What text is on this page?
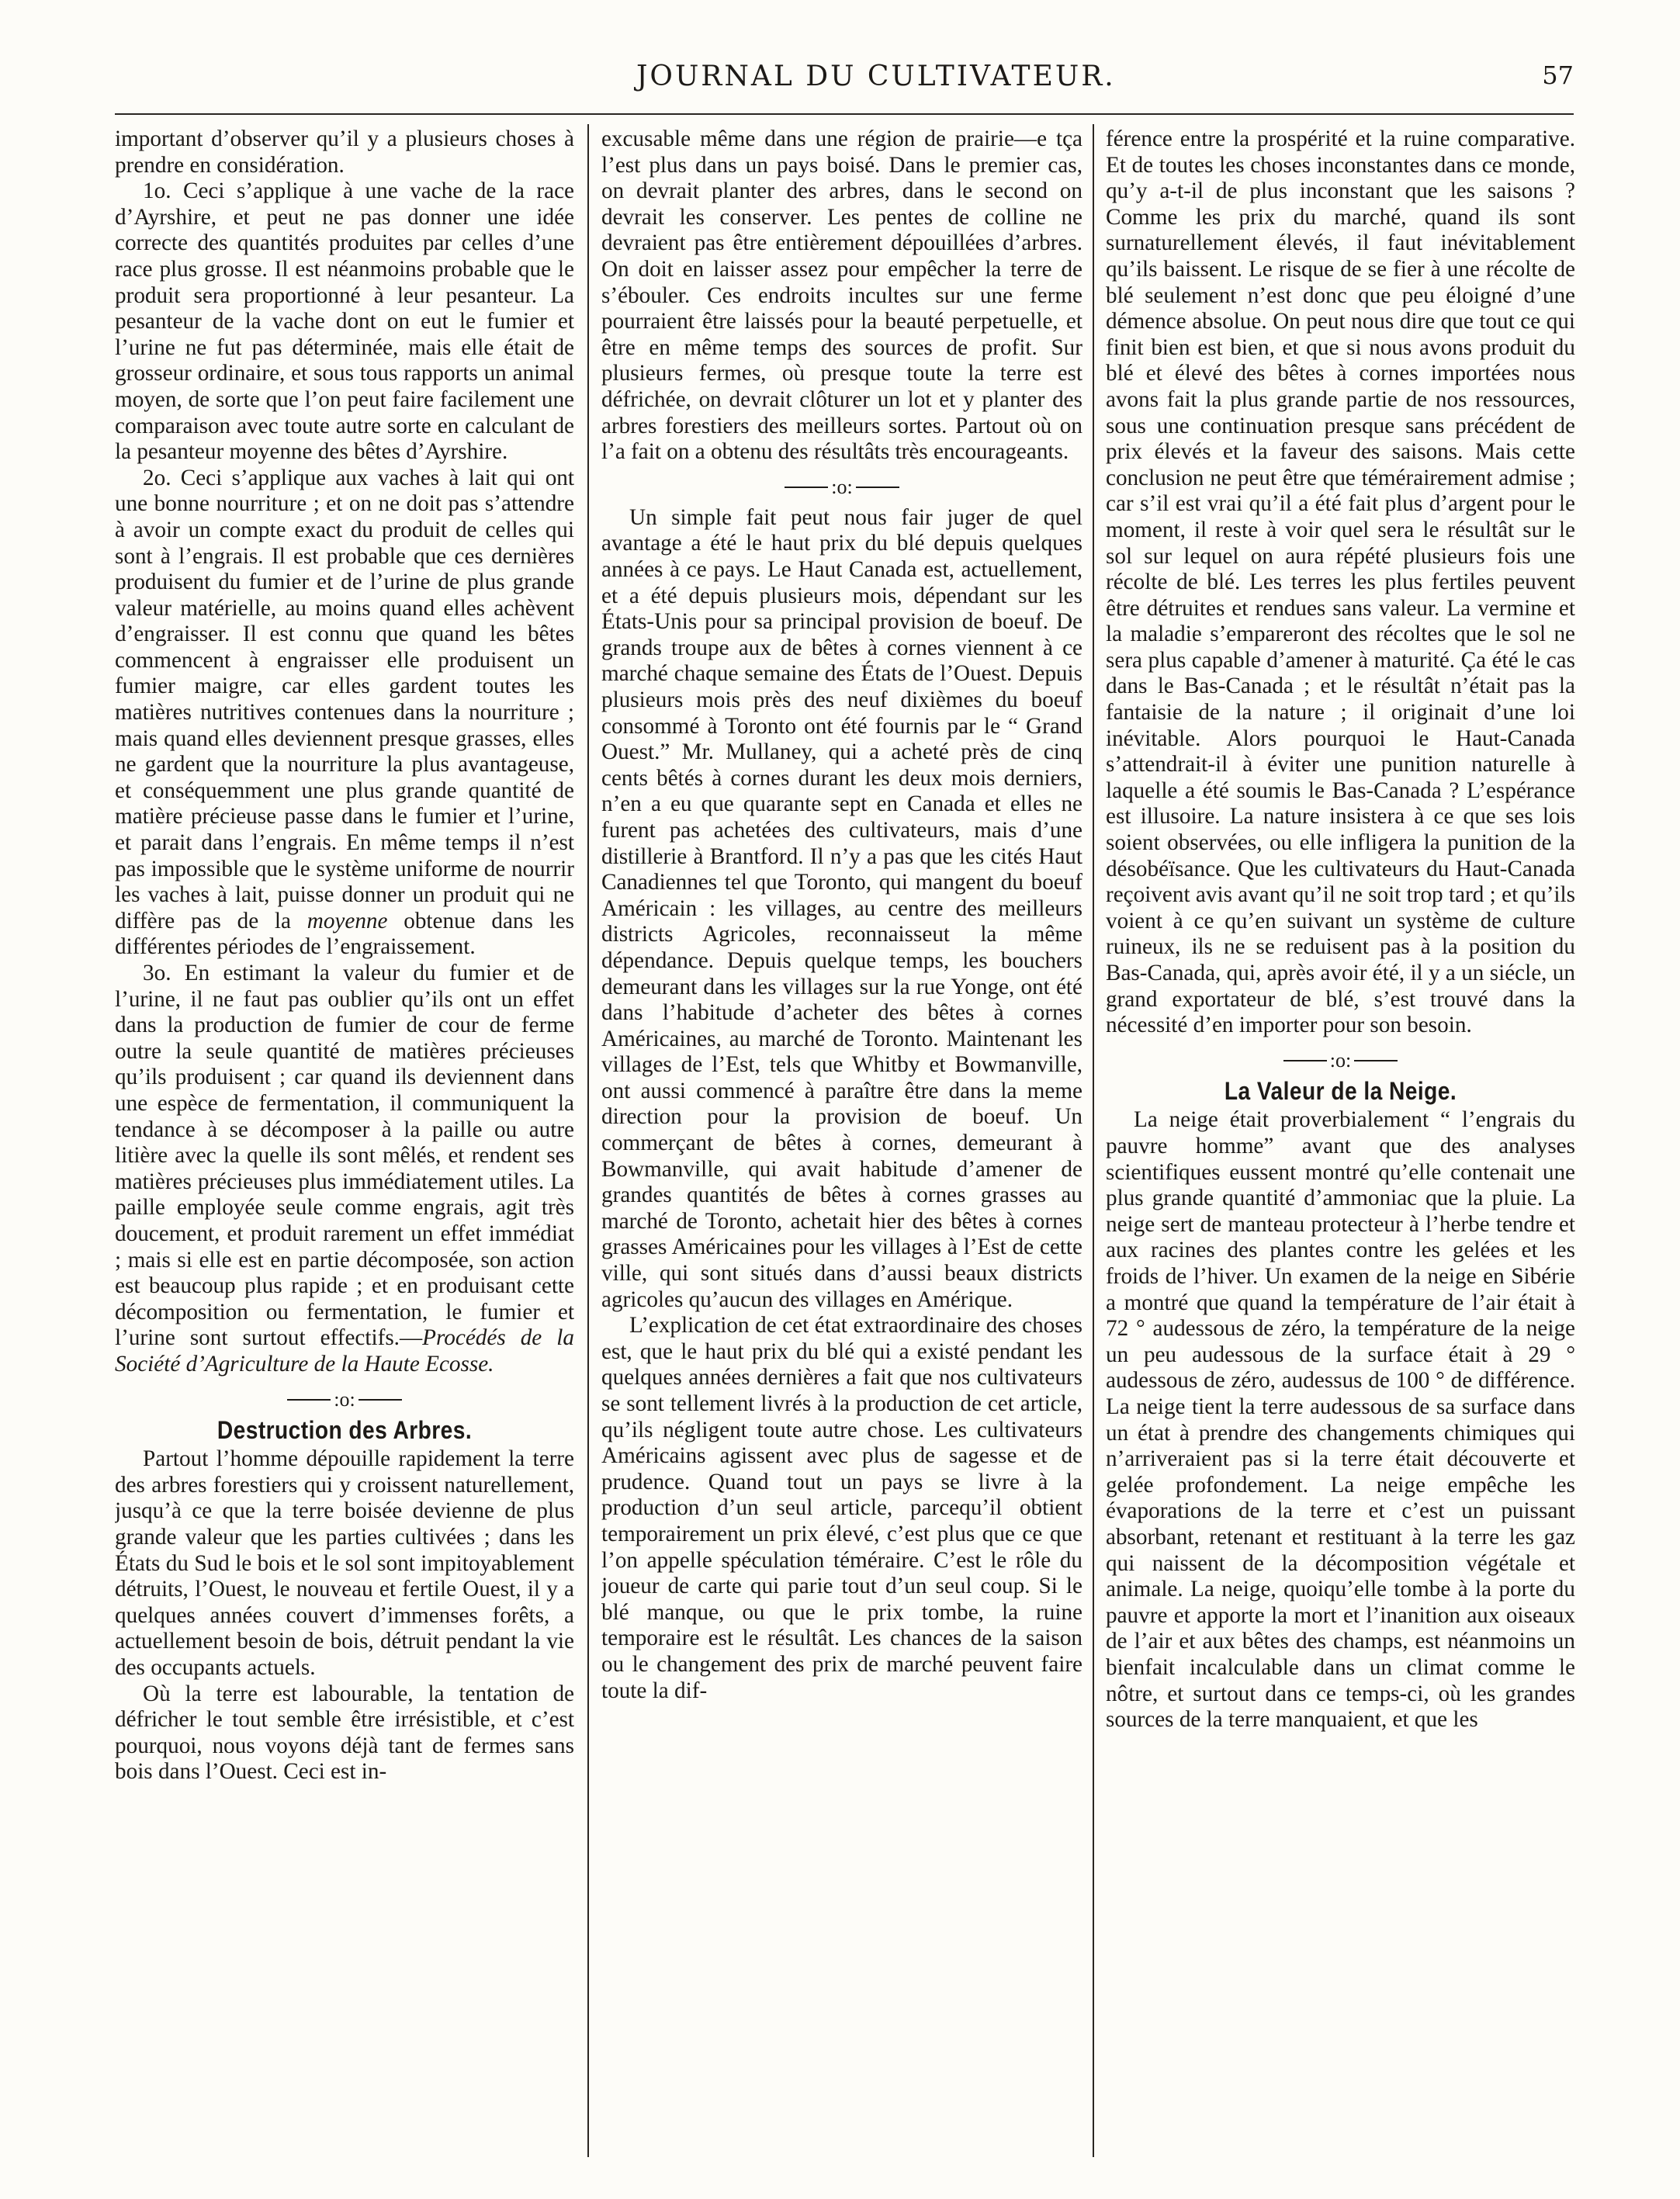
JOURNAL DU CULTIVATEUR.	57

important d’observer qu’il y a plusieurs choses à prendre en considération.

1o. Ceci s’applique à une vache de la race d’Ayrshire, et peut ne pas donner une idée correcte des quantités produites par celles d’une race plus grosse. Il est néanmoins probable que le produit sera proportionné à leur pesanteur. La pesanteur de la vache dont on eut le fumier et l’urine ne fut pas déterminée, mais elle était de grosseur ordinaire, et sous tous rapports un animal moyen, de sorte que l’on peut faire facilement une comparaison avec toute autre sorte en calculant de la pesanteur moyenne des bêtes d’Ayrshire.

2o. Ceci s’applique aux vaches à lait qui ont une bonne nourriture ; et on ne doit pas s’attendre à avoir un compte exact du produit de celles qui sont à l’engrais. Il est probable que ces dernières produisent du fumier et de l’urine de plus grande valeur matérielle, au moins quand elles achèvent d’engraisser. Il est connu que quand les bêtes commencent à engraisser elle produisent un fumier maigre, car elles gardent toutes les matières nutritives contenues dans la nourriture ; mais quand elles deviennent presque grasses, elles ne gardent que la nourriture la plus avantageuse, et conséquemment une plus grande quantité de matière précieuse passe dans le fumier et l’urine, et parait dans l’engrais. En même temps il n’est pas impossible que le système uniforme de nourrir les vaches à lait, puisse donner un produit qui ne diffère pas de la moyenne obtenue dans les différentes périodes de l’engraissement.

3o. En estimant la valeur du fumier et de l’urine, il ne faut pas oublier qu’ils ont un effet dans la production de fumier de cour de ferme outre la seule quantité de matières précieuses qu’ils produisent ; car quand ils deviennent dans une espèce de fermentation, il communiquent la tendance à se décomposer à la paille ou autre litière avec la quelle ils sont mêlés, et rendent ses matières précieuses plus immédiatement utiles. La paille employée seule comme engrais, agit très doucement, et produit rarement un effet immédiat ; mais si elle est en partie décomposée, son action est beaucoup plus rapide ; et en produisant cette décomposition ou fermentation, le fumier et l’urine sont surtout effectifs.—Procédés de la Société d’Agriculture de la Haute Ecosse.

:o:
Destruction des Arbres.

Partout l’homme dépouille rapidement la terre des arbres forestiers qui y croissent naturellement, jusqu’à ce que la terre boisée devienne de plus grande valeur que les parties cultivées ; dans les États du Sud le bois et le sol sont impitoyablement détruits, l’Ouest, le nouveau et fertile Ouest, il y a quelques années couvert d’immenses forêts, a actuellement besoin de bois, détruit pendant la vie des occupants actuels.

Où la terre est labourable, la tentation de défricher le tout semble être irrésistible, et c’est pourquoi, nous voyons déjà tant de fermes sans bois dans l’Ouest. Ceci est in-

excusable même dans une région de prairie—e tça l’est plus dans un pays boisé. Dans le premier cas, on devrait planter des arbres, dans le second on devrait les conserver. Les pentes de colline ne devraient pas être entièrement dépouillées d’arbres. On doit en laisser assez pour empêcher la terre de s’ébouler. Ces endroits incultes sur une ferme pourraient être laissés pour la beauté perpetuelle, et être en même temps des sources de profit. Sur plusieurs fermes, où presque toute la terre est défrichée, on devrait clôturer un lot et y planter des arbres forestiers des meilleurs sortes. Partout où on l’a fait on a obtenu des résultâts très encourageants.

:o:

Un simple fait peut nous fair juger de quel avantage a été le haut prix du blé depuis quelques années à ce pays. Le Haut Canada est, actuellement, et a été depuis plusieurs mois, dépendant sur les États-Unis pour sa principal provision de boeuf. De grands troupe aux de bêtes à cornes viennent à ce marché chaque semaine des États de l’Ouest. Depuis plusieurs mois près des neuf dixièmes du boeuf consommé à Toronto ont été fournis par le “ Grand Ouest.” Mr. Mullaney, qui a acheté près de cinq cents bêtés à cornes durant les deux mois derniers, n’en a eu que quarante sept en Canada et elles ne furent pas achetées des cultivateurs, mais d’une distillerie à Brantford. Il n’y a pas que les cités Haut Canadiennes tel que Toronto, qui mangent du boeuf Américain : les villages, au centre des meilleurs districts Agricoles, reconnaisseut la même dépendance. Depuis quelque temps, les bouchers demeurant dans les villages sur la rue Yonge, ont été dans l’habitude d’acheter des bêtes à cornes Américaines, au marché de Toronto. Maintenant les villages de l’Est, tels que Whitby et Bowmanville, ont aussi commencé à paraître être dans la meme direction pour la provision de boeuf. Un commerçant de bêtes à cornes, demeurant à Bowmanville, qui avait habitude d’amener de grandes quantités de bêtes à cornes grasses au marché de Toronto, achetait hier des bêtes à cornes grasses Américaines pour les villages à l’Est de cette ville, qui sont situés dans d’aussi beaux districts agricoles qu’aucun des villages en Amérique.

L’explication de cet état extraordinaire des choses est, que le haut prix du blé qui a existé pendant les quelques années dernières a fait que nos cultivateurs se sont tellement livrés à la production de cet article, qu’ils négligent toute autre chose. Les cultivateurs Américains agissent avec plus de sagesse et de prudence. Quand tout un pays se livre à la production d’un seul article, parcequ’il obtient temporairement un prix élevé, c’est plus que ce que l’on appelle spéculation téméraire. C’est le rôle du joueur de carte qui parie tout d’un seul coup. Si le blé manque, ou que le prix tombe, la ruine temporaire est le résultât. Les chances de la saison ou le changement des prix de marché peuvent faire toute la dif-

férence entre la prospérité et la ruine comparative. Et de toutes les choses inconstantes dans ce monde, qu’y a-t-il de plus inconstant que les saisons ? Comme les prix du marché, quand ils sont surnaturellement élevés, il faut inévitablement qu’ils baissent. Le risque de se fier à une récolte de blé seulement n’est donc que peu éloigné d’une démence absolue. On peut nous dire que tout ce qui finit bien est bien, et que si nous avons produit du blé et élevé des bêtes à cornes importées nous avons fait la plus grande partie de nos ressources, sous une continuation presque sans précédent de prix élevés et la faveur des saisons. Mais cette conclusion ne peut être que témérairement admise ; car s’il est vrai qu’il a été fait plus d’argent pour le moment, il reste à voir quel sera le résultât sur le sol sur lequel on aura répété plusieurs fois une récolte de blé. Les terres les plus fertiles peuvent être détruites et rendues sans valeur. La vermine et la maladie s’empareront des récoltes que le sol ne sera plus capable d’amener à maturité. Ça été le cas dans le Bas-Canada ; et le résultât n’était pas la fantaisie de la nature ; il originait d’une loi inévitable. Alors pourquoi le Haut-Canada s’attendrait-il à éviter une punition naturelle à laquelle a été soumis le Bas-Canada ? L’espérance est illusoire. La nature insistera à ce que ses lois soient observées, ou elle infligera la punition de la désobéïsance. Que les cultivateurs du Haut-Canada reçoivent avis avant qu’il ne soit trop tard ; et qu’ils voient à ce qu’en suivant un système de culture ruineux, ils ne se reduisent pas à la position du Bas-Canada, qui, après avoir été, il y a un siécle, un grand exportateur de blé, s’est trouvé dans la nécessité d’en importer pour son besoin.

:o:
La Valeur de la Neige.

La neige était proverbialement “ l’engrais du pauvre homme” avant que des analyses scientifiques eussent montré qu’elle contenait une plus grande quantité d’ammoniac que la pluie. La neige sert de manteau protecteur à l’herbe tendre et aux racines des plantes contre les gelées et les froids de l’hiver. Un examen de la neige en Sibérie a montré que quand la température de l’air était à 72 ° audessous de zéro, la température de la neige un peu audessous de la surface était à 29 ° audessous de zéro, audessus de 100 ° de différence. La neige tient la terre audessous de sa surface dans un état à prendre des changements chimiques qui n’arriveraient pas si la terre était découverte et gelée profondement. La neige empêche les évaporations de la terre et c’est un puissant absorbant, retenant et restituant à la terre les gaz qui naissent de la décomposition végétale et animale. La neige, quoiqu’elle tombe à la porte du pauvre et apporte la mort et l’inanition aux oiseaux de l’air et aux bêtes des champs, est néanmoins un bienfait incalculable dans un climat comme le nôtre, et surtout dans ce temps-ci, où les grandes sources de la terre manquaient, et que les
